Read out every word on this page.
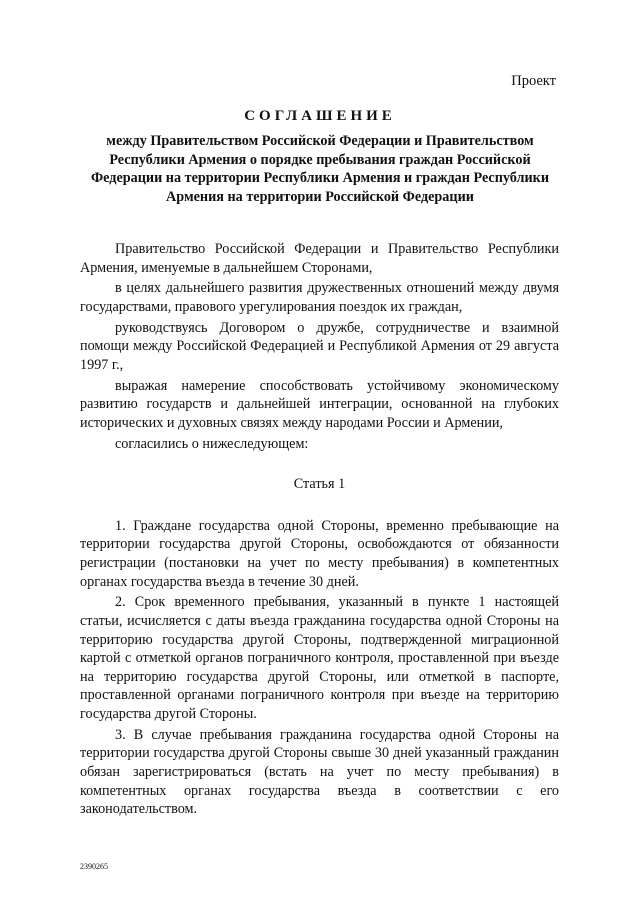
Проект
СОГЛАШЕНИЕ
между Правительством Российской Федерации и Правительством Республики Армения о порядке пребывания граждан Российской Федерации на территории Республики Армения и граждан Республики Армения на территории Российской Федерации

Правительство Российской Федерации и Правительство Республики Армения, именуемые в дальнейшем Сторонами,

в целях дальнейшего развития дружественных отношений между двумя государствами, правового урегулирования поездок их граждан,

руководствуясь Договором о дружбе, сотрудничестве и взаимной помощи между Российской Федерацией и Республикой Армения от 29 августа 1997 г.,

выражая намерение способствовать устойчивому экономическому развитию государств и дальнейшей интеграции, основанной на глубоких исторических и духовных связях между народами России и Армении,

согласились о нижеследующем:

Статья 1

1. Граждане государства одной Стороны, временно пребывающие на территории государства другой Стороны, освобождаются от обязанности регистрации (постановки на учет по месту пребывания) в компетентных органах государства въезда в течение 30 дней.

2. Срок временного пребывания, указанный в пункте 1 настоящей статьи, исчисляется с даты въезда гражданина государства одной Стороны на территорию государства другой Стороны, подтвержденной миграционной картой с отметкой органов пограничного контроля, проставленной при въезде на территорию государства другой Стороны, или отметкой в паспорте, проставленной органами пограничного контроля при въезде на территорию государства другой Стороны.

3. В случае пребывания гражданина государства одной Стороны на территории государства другой Стороны свыше 30 дней указанный гражданин обязан зарегистрироваться (встать на учет по месту пребывания) в компетентных органах государства въезда в соответствии с его законодательством.

2390265
